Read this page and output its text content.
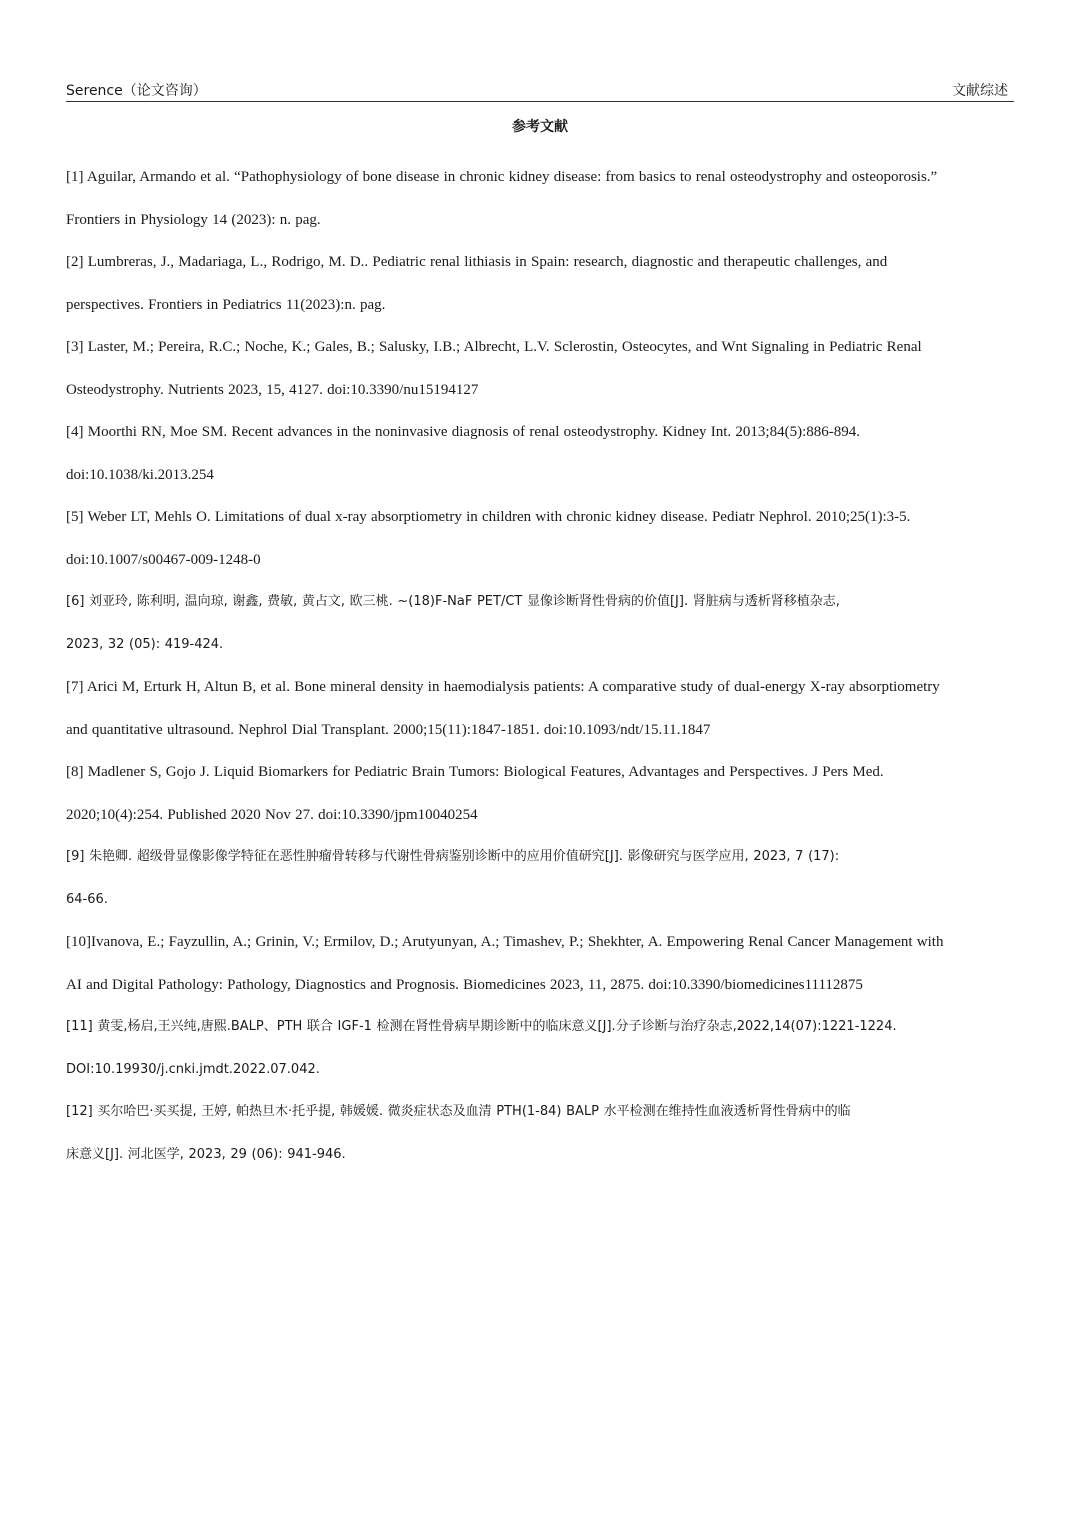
Serence（论文咨询）	文献综述
参考文献
[1] Aguilar, Armando et al. “Pathophysiology of bone disease in chronic kidney disease: from basics to renal osteodystrophy and osteoporosis.”
Frontiers in Physiology 14 (2023): n. pag.
[2] Lumbreras, J., Madariaga, L., Rodrigo, M. D.. Pediatric renal lithiasis in Spain: research, diagnostic and therapeutic challenges, and
perspectives. Frontiers in Pediatrics 11(2023):n. pag.
[3] Laster, M.; Pereira, R.C.; Noche, K.; Gales, B.; Salusky, I.B.; Albrecht, L.V. Sclerostin, Osteocytes, and Wnt Signaling in Pediatric Renal
Osteodystrophy. Nutrients 2023, 15, 4127. doi:10.3390/nu15194127
[4] Moorthi RN, Moe SM. Recent advances in the noninvasive diagnosis of renal osteodystrophy. Kidney Int. 2013;84(5):886-894.
doi:10.1038/ki.2013.254
[5] Weber LT, Mehls O. Limitations of dual x-ray absorptiometry in children with chronic kidney disease. Pediatr Nephrol. 2010;25(1):3-5.
doi:10.1007/s00467-009-1248-0
[6] 刘亚玲, 陈利明, 温向琼, 谢鑫, 费敏, 黄占文, 欧三桃. ~(18)F-NaF PET/CT 显像诊断肾性骨病的价值[J]. 肾脏病与透析肾移植杂志,
2023, 32 (05): 419-424.
[7] Arici M, Erturk H, Altun B, et al. Bone mineral density in haemodialysis patients: A comparative study of dual-energy X-ray absorptiometry
and quantitative ultrasound. Nephrol Dial Transplant. 2000;15(11):1847-1851. doi:10.1093/ndt/15.11.1847
[8] Madlener S, Gojo J. Liquid Biomarkers for Pediatric Brain Tumors: Biological Features, Advantages and Perspectives. J Pers Med.
2020;10(4):254. Published 2020 Nov 27. doi:10.3390/jpm10040254
[9] 朱艳卿. 超级骨显像影像学特征在恶性肿瘤骨转移与代谢性骨病鉴别诊断中的应用价值研究[J]. 影像研究与医学应用, 2023, 7 (17):
64-66.
[10]Ivanova, E.; Fayzullin, A.; Grinin, V.; Ermilov, D.; Arutyunyan, A.; Timashev, P.; Shekhter, A. Empowering Renal Cancer Management with
AI and Digital Pathology: Pathology, Diagnostics and Prognosis. Biomedicines 2023, 11, 2875. doi:10.3390/biomedicines11112875
[11] 黄雯,杨启,王兴纯,唐熙.BALP、PTH 联合 IGF-1 检测在肾性骨病早期诊断中的临床意义[J].分子诊断与治疗杂志,2022,14(07):1221-1224.
DOI:10.19930/j.cnki.jmdt.2022.07.042.
[12] 买尔哈巴·买买提, 王婷, 帕热旦木·托乎提, 韩媛媛. 微炎症状态及血清 PTH(1-84) BALP 水平检测在维持性血液透析肾性骨病中的临
床意义[J]. 河北医学, 2023, 29 (06): 941-946.
